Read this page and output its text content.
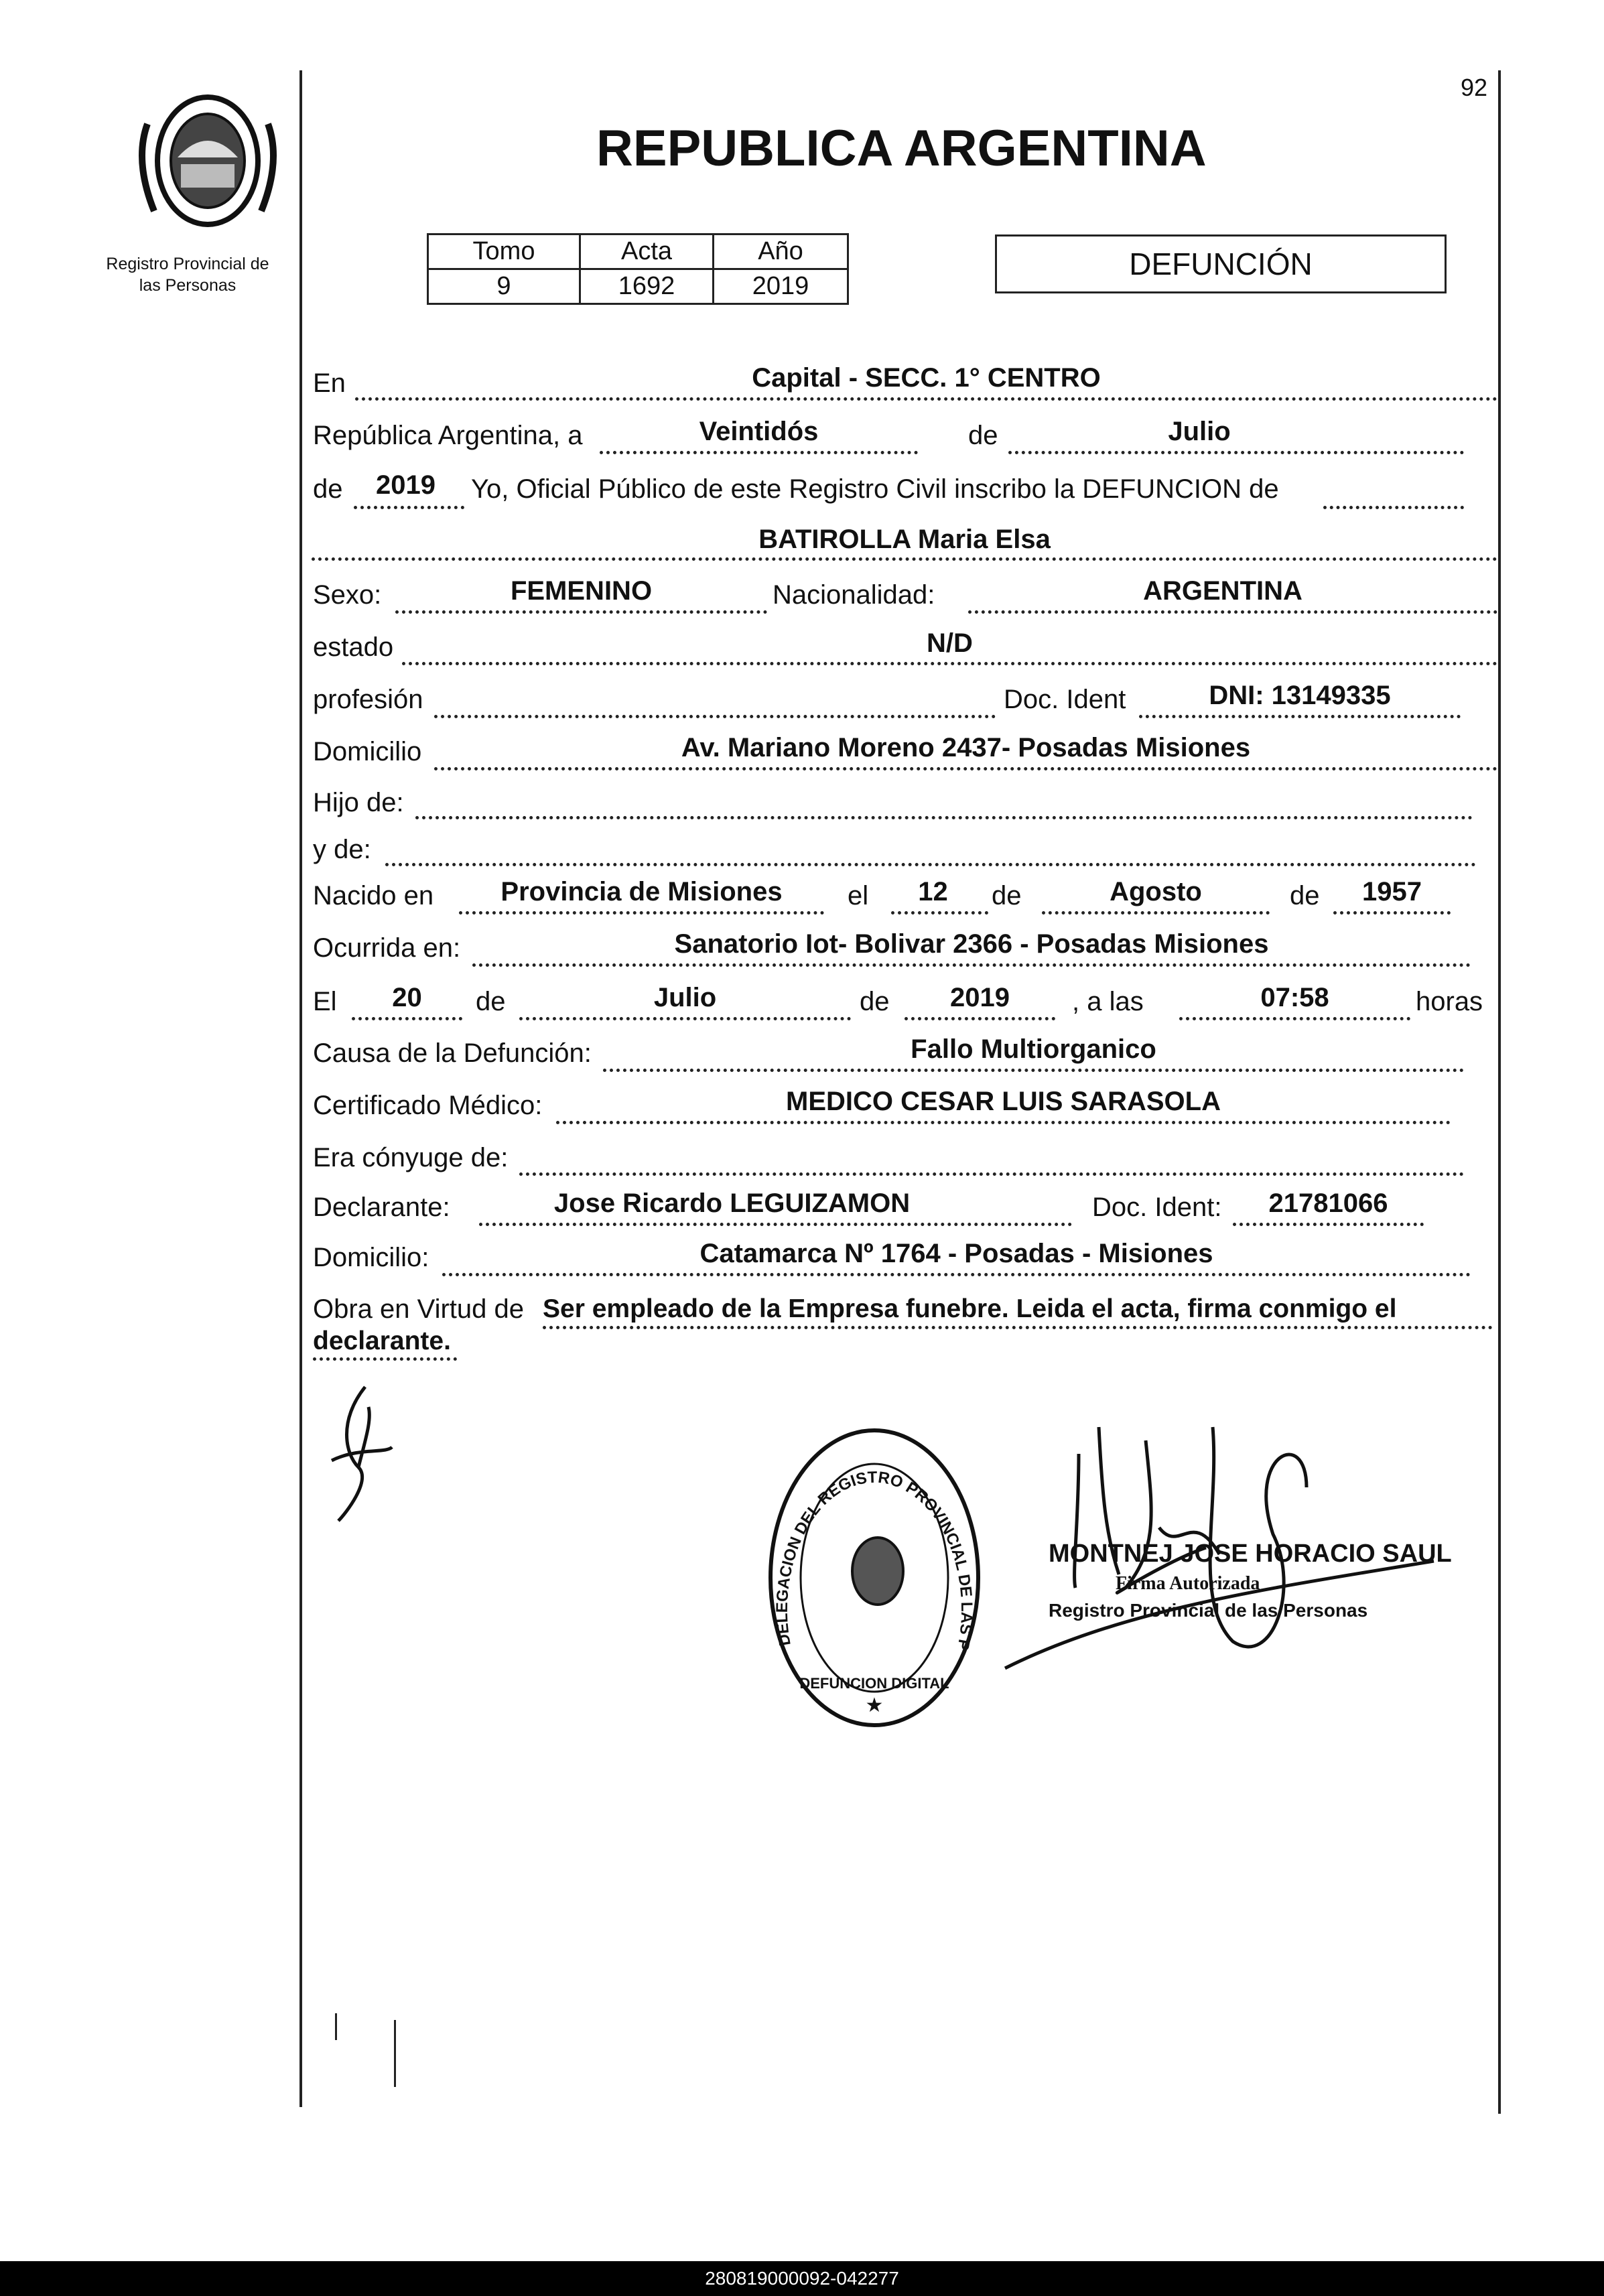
92
Registro Provincial de
las Personas
REPUBLICA ARGENTINA
Tomo	Acta	Año
9	1692	2019
DEFUNCIÓN
En	Capital - SECC. 1° CENTRO
República Argentina, a	Veintidós	de	Julio
de	2019	Yo, Oficial Público de este Registro Civil inscribo la DEFUNCION de
BATIROLLA Maria Elsa
Sexo:	FEMENINO	Nacionalidad:	ARGENTINA
estado	N/D
profesión	Doc. Ident	DNI: 13149335
Domicilio	Av. Mariano Moreno 2437- Posadas Misiones
Hijo de:
y de:
Nacido en	Provincia de Misiones	el	12	de	Agosto	de	1957
Ocurrida en:	Sanatorio Iot- Bolivar 2366 - Posadas Misiones
El	20	de	Julio	de	2019	, a las	07:58	horas
Causa de la Defunción:	Fallo Multiorganico
Certificado Médico:	MEDICO CESAR LUIS SARASOLA
Era cónyuge de:
Declarante:	Jose Ricardo LEGUIZAMON	Doc. Ident:	21781066
Domicilio:	Catamarca Nº 1764 - Posadas - Misiones
Obra en Virtud de Ser empleado de la Empresa funebre. Leida el acta, firma conmigo el
declarante.
DELEGACION DEL REGISTRO PROVINCIAL DE LAS P
DEFUNCION DIGITAL
★
MONTNEJ JOSE HORACIO SAUL
Firma Autorizada
Registro Provincial de las Personas
280819000092-042277
